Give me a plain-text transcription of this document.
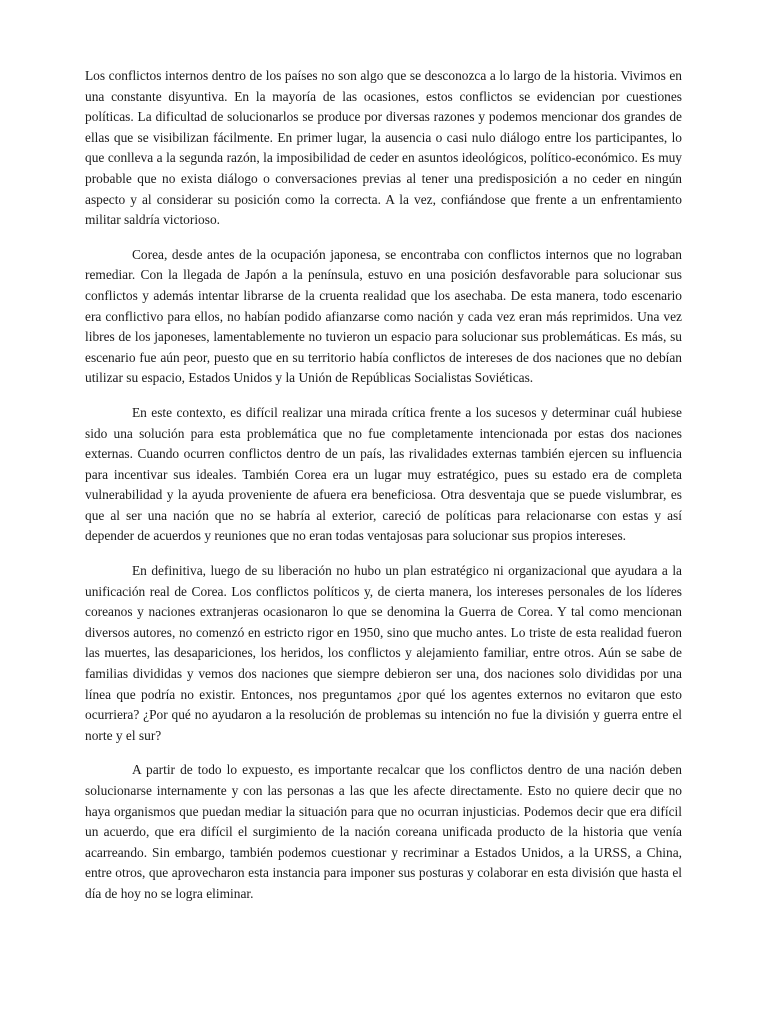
Los conflictos internos dentro de los países no son algo que se desconozca a lo largo de la historia. Vivimos en una constante disyuntiva. En la mayoría de las ocasiones, estos conflictos se evidencian por cuestiones políticas. La dificultad de solucionarlos se produce por diversas razones y podemos mencionar dos grandes de ellas que se visibilizan fácilmente. En primer lugar, la ausencia o casi nulo diálogo entre los participantes, lo que conlleva a la segunda razón, la imposibilidad de ceder en asuntos ideológicos, político-económico. Es muy probable que no exista diálogo o conversaciones previas al tener una predisposición a no ceder en ningún aspecto y al considerar su posición como la correcta. A la vez, confiándose que frente a un enfrentamiento militar saldría victorioso.

Corea, desde antes de la ocupación japonesa, se encontraba con conflictos internos que no lograban remediar. Con la llegada de Japón a la península, estuvo en una posición desfavorable para solucionar sus conflictos y además intentar librarse de la cruenta realidad que los asechaba. De esta manera, todo escenario era conflictivo para ellos, no habían podido afianzarse como nación y cada vez eran más reprimidos. Una vez libres de los japoneses, lamentablemente no tuvieron un espacio para solucionar sus problemáticas. Es más, su escenario fue aún peor, puesto que en su territorio había conflictos de intereses de dos naciones que no debían utilizar su espacio, Estados Unidos y la Unión de Repúblicas Socialistas Soviéticas.

En este contexto, es difícil realizar una mirada crítica frente a los sucesos y determinar cuál hubiese sido una solución para esta problemática que no fue completamente intencionada por estas dos naciones externas. Cuando ocurren conflictos dentro de un país, las rivalidades externas también ejercen su influencia para incentivar sus ideales. También Corea era un lugar muy estratégico, pues su estado era de completa vulnerabilidad y la ayuda proveniente de afuera era beneficiosa. Otra desventaja que se puede vislumbrar, es que al ser una nación que no se habría al exterior, careció de políticas para relacionarse con estas y así depender de acuerdos y reuniones que no eran todas ventajosas para solucionar sus propios intereses.

En definitiva, luego de su liberación no hubo un plan estratégico ni organizacional que ayudara a la unificación real de Corea. Los conflictos políticos y, de cierta manera, los intereses personales de los líderes coreanos y naciones extranjeras ocasionaron lo que se denomina la Guerra de Corea. Y tal como mencionan diversos autores, no comenzó en estricto rigor en 1950, sino que mucho antes. Lo triste de esta realidad fueron las muertes, las desapariciones, los heridos, los conflictos y alejamiento familiar, entre otros. Aún se sabe de familias divididas y vemos dos naciones que siempre debieron ser una, dos naciones solo divididas por una línea que podría no existir. Entonces, nos preguntamos ¿por qué los agentes externos no evitaron que esto ocurriera? ¿Por qué no ayudaron a la resolución de problemas su intención no fue la división y guerra entre el norte y el sur?

A partir de todo lo expuesto, es importante recalcar que los conflictos dentro de una nación deben solucionarse internamente y con las personas a las que les afecte directamente. Esto no quiere decir que no haya organismos que puedan mediar la situación para que no ocurran injusticias. Podemos decir que era difícil un acuerdo, que era difícil el surgimiento de la nación coreana unificada producto de la historia que venía acarreando. Sin embargo, también podemos cuestionar y recriminar a Estados Unidos, a la URSS, a China, entre otros, que aprovecharon esta instancia para imponer sus posturas y colaborar en esta división que hasta el día de hoy no se logra eliminar.
